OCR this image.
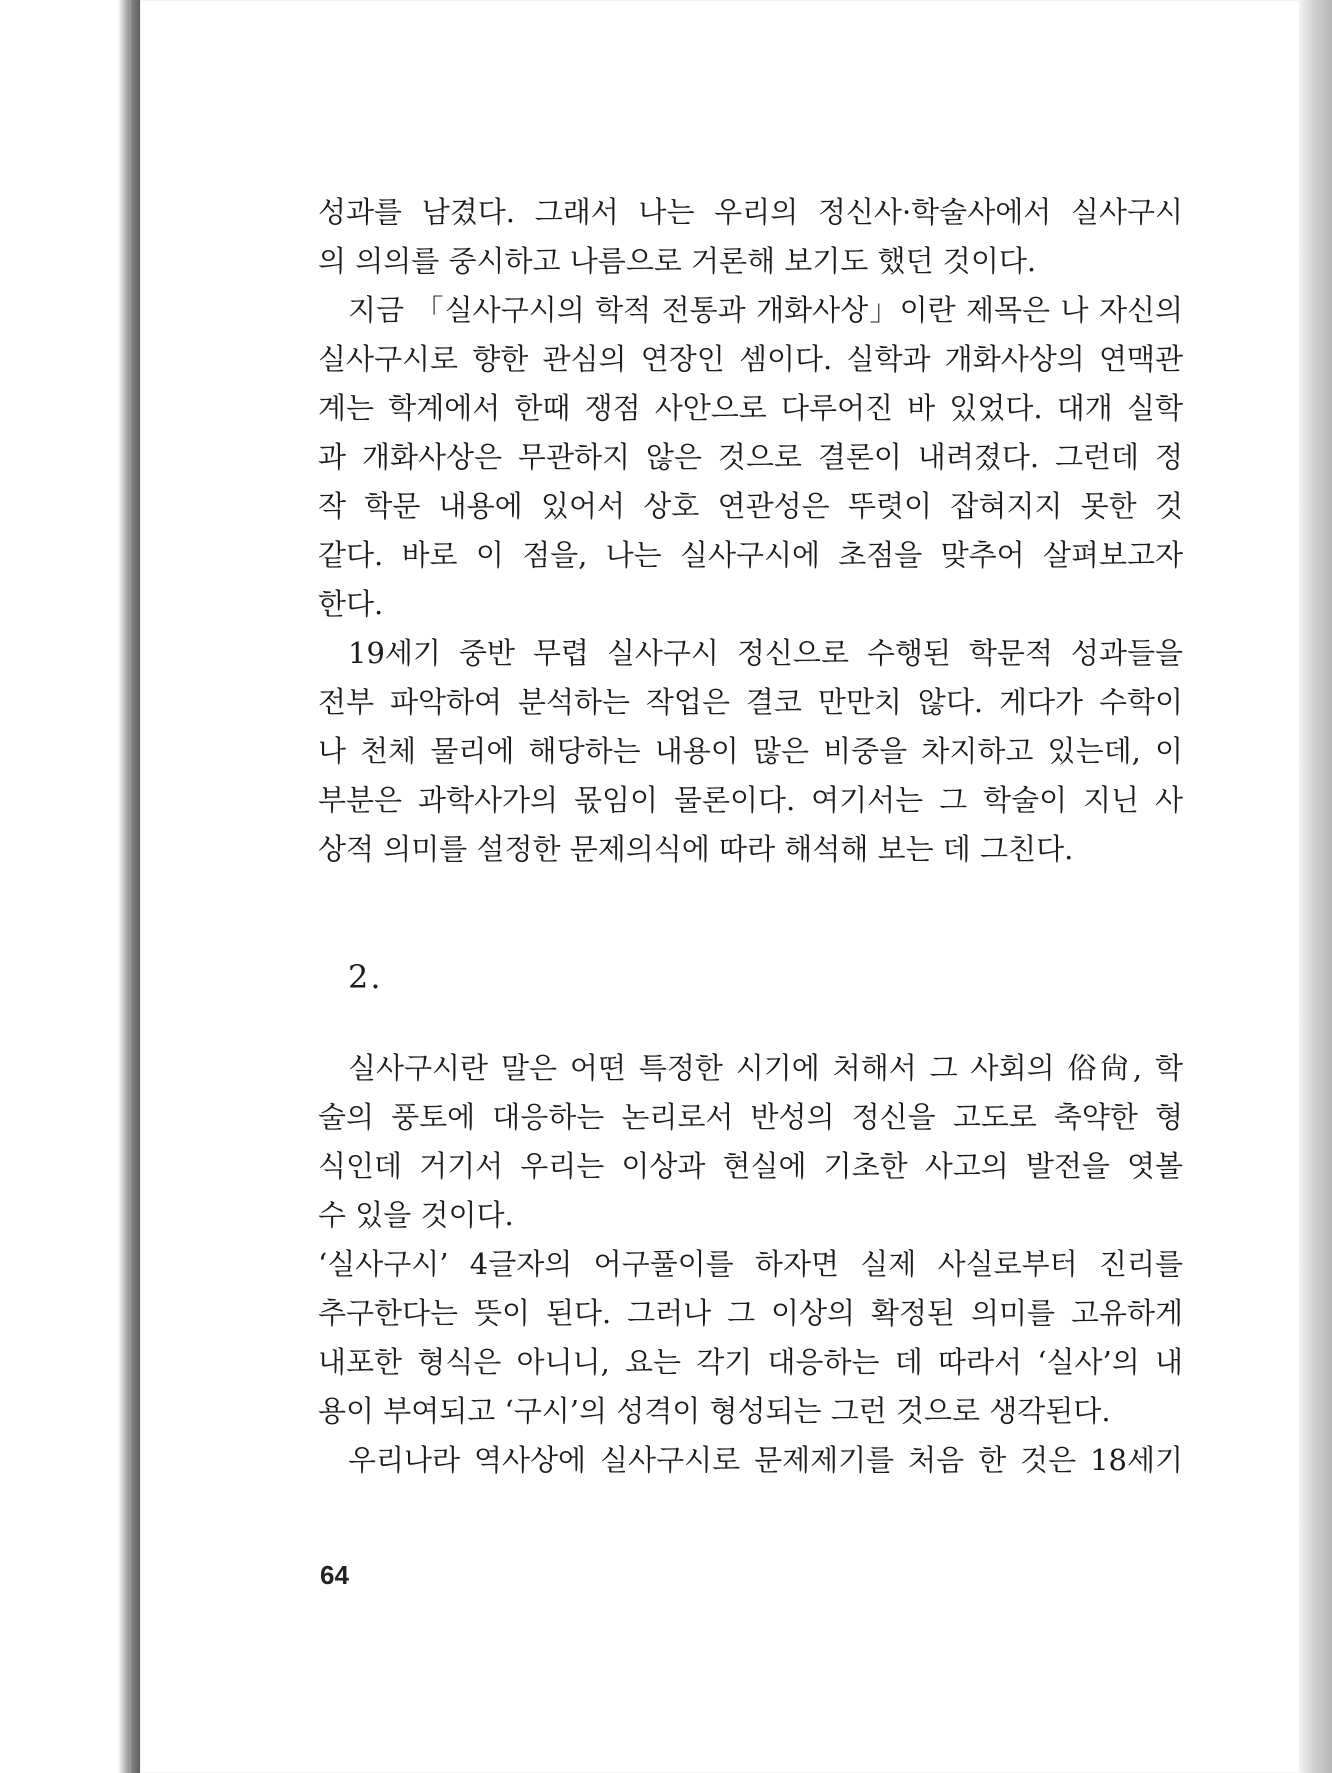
성과를 남겼다. 그래서 나는 우리의 정신사·학술사에서 실사구시
의 의의를 중시하고 나름으로 거론해 보기도 했던 것이다.
지금 「실사구시의 학적 전통과 개화사상」이란 제목은 나 자신의
실사구시로 향한 관심의 연장인 셈이다. 실학과 개화사상의 연맥관
계는 학계에서 한때 쟁점 사안으로 다루어진 바 있었다. 대개 실학
과 개화사상은 무관하지 않은 것으로 결론이 내려졌다. 그런데 정
작 학문 내용에 있어서 상호 연관성은 뚜렷이 잡혀지지 못한 것
같다. 바로 이 점을, 나는 실사구시에 초점을 맞추어 살펴보고자
한다.
19세기 중반 무렵 실사구시 정신으로 수행된 학문적 성과들을
전부 파악하여 분석하는 작업은 결코 만만치 않다. 게다가 수학이
나 천체 물리에 해당하는 내용이 많은 비중을 차지하고 있는데, 이
부분은 과학사가의 몫임이 물론이다. 여기서는 그 학술이 지닌 사
상적 의미를 설정한 문제의식에 따라 해석해 보는 데 그친다.
2.
실사구시란 말은 어떤 특정한 시기에 처해서 그 사회의 俗尙, 학
술의 풍토에 대응하는 논리로서 반성의 정신을 고도로 축약한 형
식인데 거기서 우리는 이상과 현실에 기초한 사고의 발전을 엿볼
수 있을 것이다.
‘실사구시’ 4글자의 어구풀이를 하자면 실제 사실로부터 진리를
추구한다는 뜻이 된다. 그러나 그 이상의 확정된 의미를 고유하게
내포한 형식은 아니니, 요는 각기 대응하는 데 따라서 ‘실사’의 내
용이 부여되고 ‘구시’의 성격이 형성되는 그런 것으로 생각된다.
우리나라 역사상에 실사구시로 문제제기를 처음 한 것은 18세기
64
